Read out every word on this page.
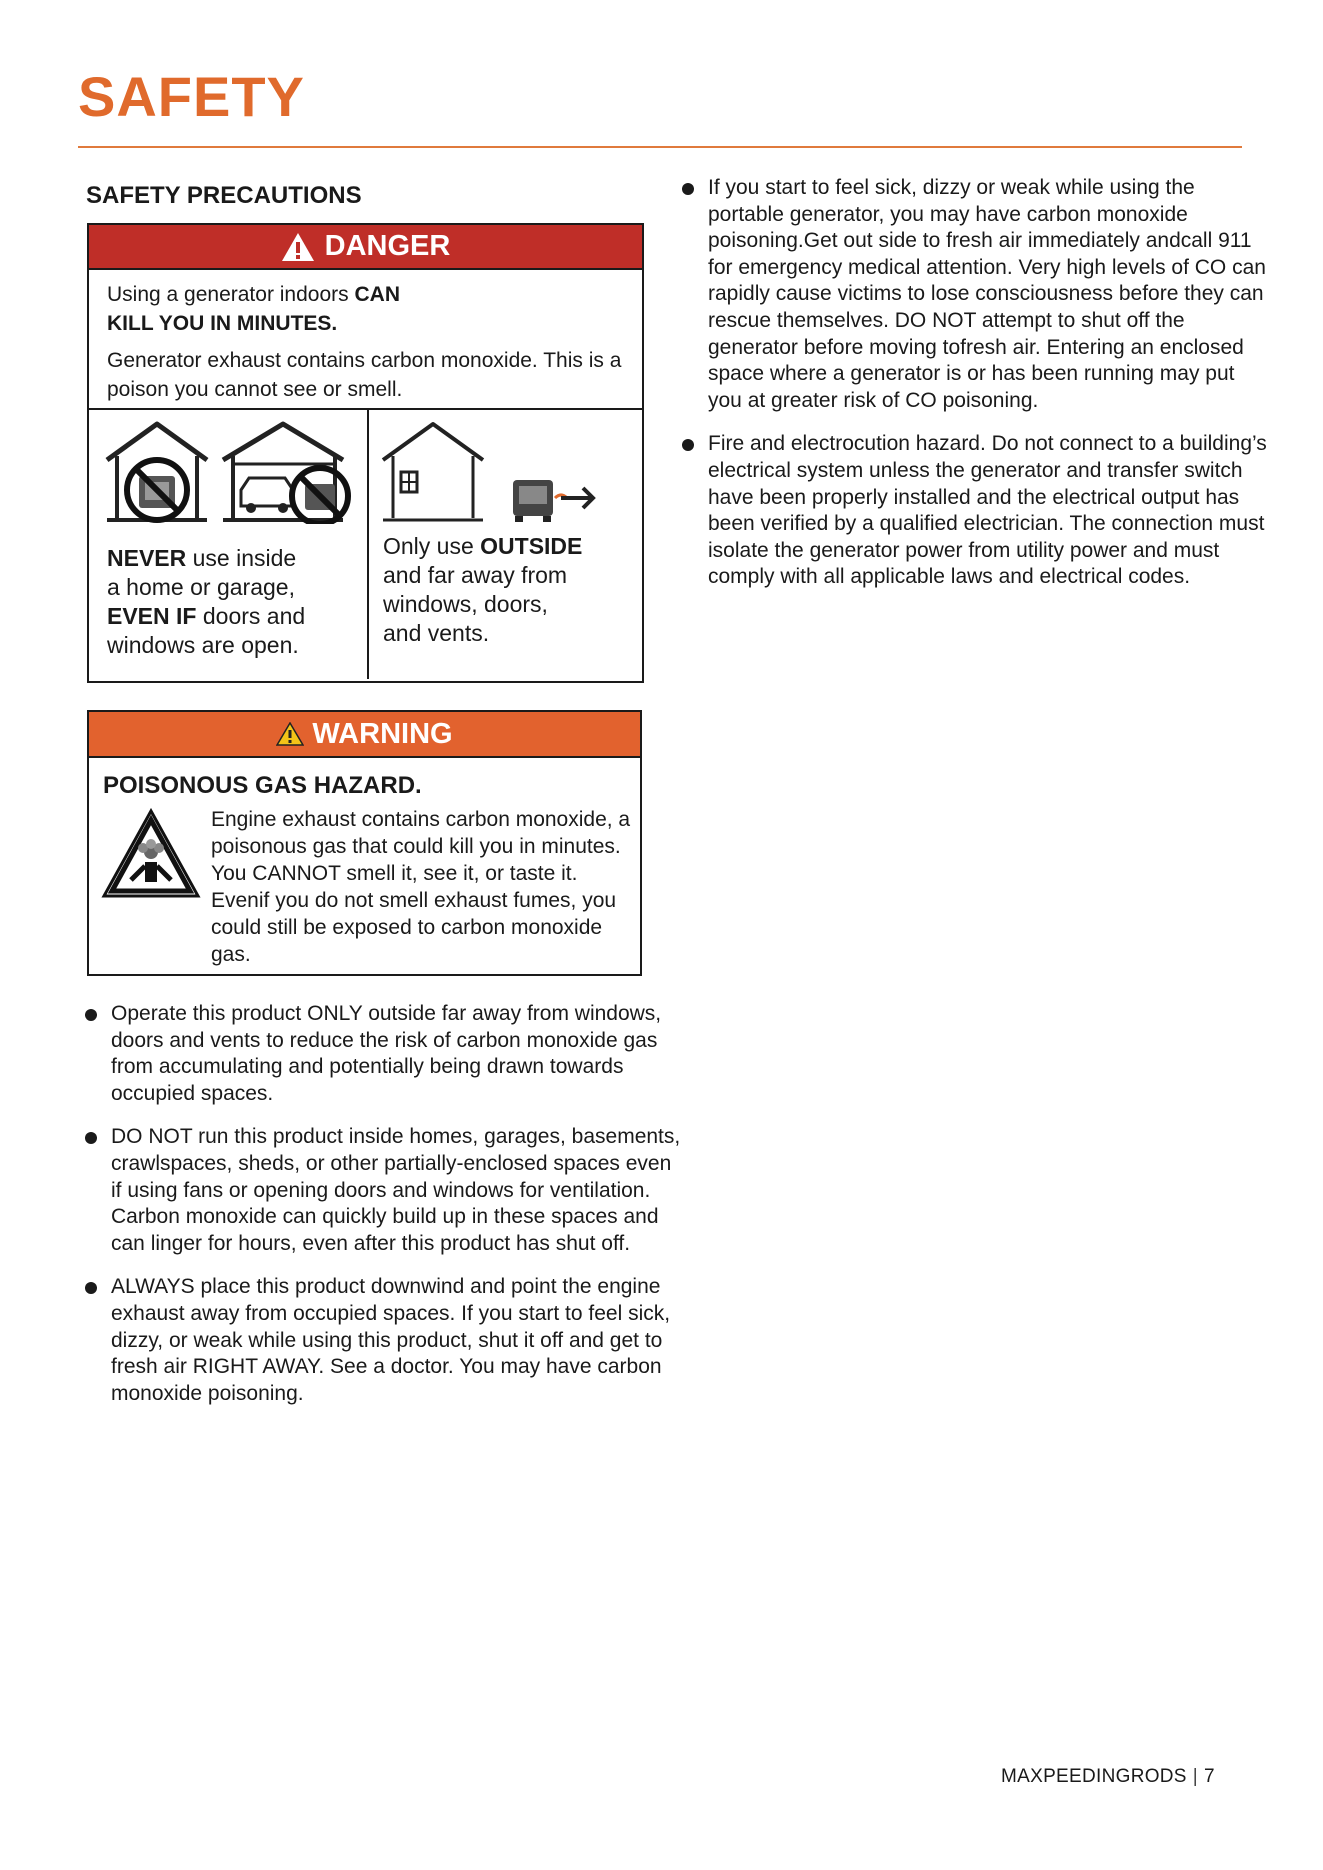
SAFETY
SAFETY PRECAUTIONS
DANGER

Using a generator indoors CAN
KILL YOU IN MINUTES.

Generator exhaust contains carbon monoxide. This is a poison you cannot see or smell.

NEVER use inside
a home or garage,
EVEN IF doors and
windows are open.
Only use OUTSIDE
and far away from
windows, doors,
and vents.
WARNING
POISONOUS GAS HAZARD.
Engine exhaust contains carbon monoxide, a poisonous gas that could kill you in minutes. You CANNOT smell it, see it, or taste it. Evenif you do not smell exhaust fumes, you could still be exposed to carbon monoxide gas.
Operate this product ONLY outside far away from windows, doors and vents to reduce the risk of carbon monoxide gas from accumulating and potentially being drawn towards occupied spaces.
DO NOT run this product inside homes, garages, basements, crawlspaces, sheds, or other partially-enclosed spaces even if using fans or opening doors and windows for ventilation. Carbon monoxide can quickly build up in these spaces and can linger for hours, even after this product has shut off.
ALWAYS place this product downwind and point the engine exhaust away from occupied spaces. If you start to feel sick, dizzy, or weak while using this product, shut it off and get to fresh air RIGHT AWAY. See a doctor. You may have carbon monoxide poisoning.
If you start to feel sick, dizzy or weak while using the portable generator, you may have carbon monoxide poisoning.Get out side to fresh air immediately andcall 911 for emergency medical attention. Very high levels of CO can rapidly cause victims to lose consciousness before they can rescue themselves. DO NOT attempt to shut off the generator before moving tofresh air. Entering an enclosed space where a generator is or has been running may put you at greater risk of CO poisoning.
Fire and electrocution hazard. Do not connect to a building’s electrical system unless the generator and transfer switch have been properly installed and the electrical output has been verified by a qualified electrician. The connection must isolate the generator power from utility power and must comply with all applicable laws and electrical codes.
MAXPEEDINGRODS | 7
